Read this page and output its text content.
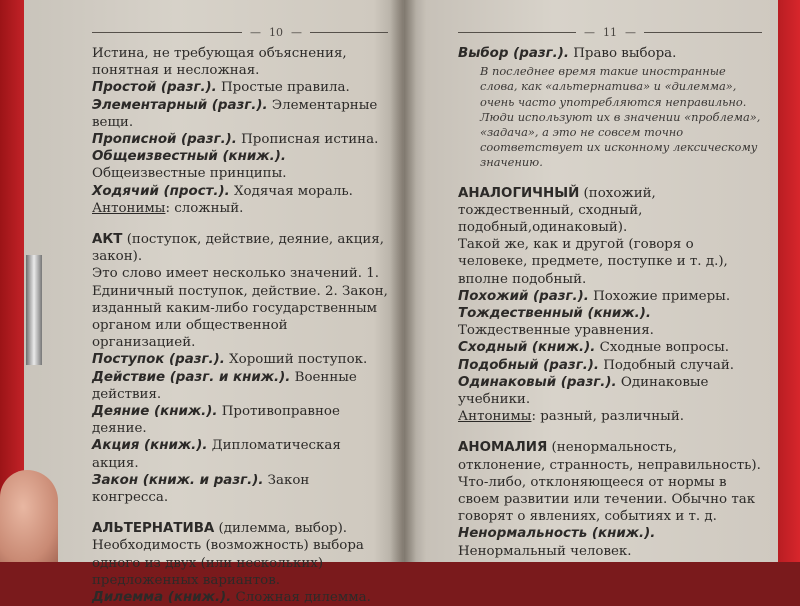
— 10 —

Истина, не требующая объяснения, понятная и несложная.

Простой (разг.). Простые правила.

Элементарный (разг.). Элементарные вещи.

Прописной (разг.). Прописная истина.

Общеизвестный (книж.). Общеизвестные принципы.

Ходячий (прост.). Ходячая мораль.

Антонимы: сложный.

АКТ (поступок, действие, деяние, акция, закон).

Это слово имеет несколько значений. 1. Единичный поступок, действие. 2. Закон, изданный каким-либо государственным органом или общественной организацией.

Поступок (разг.). Хороший поступок.

Действие (разг. и книж.). Военные действия.

Деяние (книж.). Противоправное деяние.

Акция (книж.). Дипломатическая акция.

Закон (книж. и разг.). Закон конгресса.

АЛЬТЕРНАТИВА (дилемма, выбор).

Необходимость (возможность) выбора одного из двух (или нескольких) предложенных вариантов.

Дилемма (книж.). Сложная дилемма.

— 11 —

Выбор (разг.). Право выбора.

В последнее время такие иностранные слова, как «альтернатива» и «дилемма», очень часто употребляются неправильно. Люди используют их в значении «проблема», «задача», а это не совсем точно соответствует их исконному лексическому значению.

АНАЛОГИЧНЫЙ (похожий, тождественный, сходный, подобный,одинаковый).

Такой же, как и другой (говоря о человеке, предмете, поступке и т. д.), вполне подобный.

Похожий (разг.). Похожие примеры.

Тождественный (книж.). Тождественные уравнения.

Сходный (книж.). Сходные вопросы.

Подобный (разг.). Подобный случай.

Одинаковый (разг.). Одинаковые учебники.

Антонимы: разный, различный.

АНОМАЛИЯ (ненормальность, отклонение, странность, неправильность).

Что-либо, отклоняющееся от нормы в своем развитии или течении. Обычно так говорят о явлениях, событиях и т. д.

Ненормальность (книж.). Ненормальный человек.
